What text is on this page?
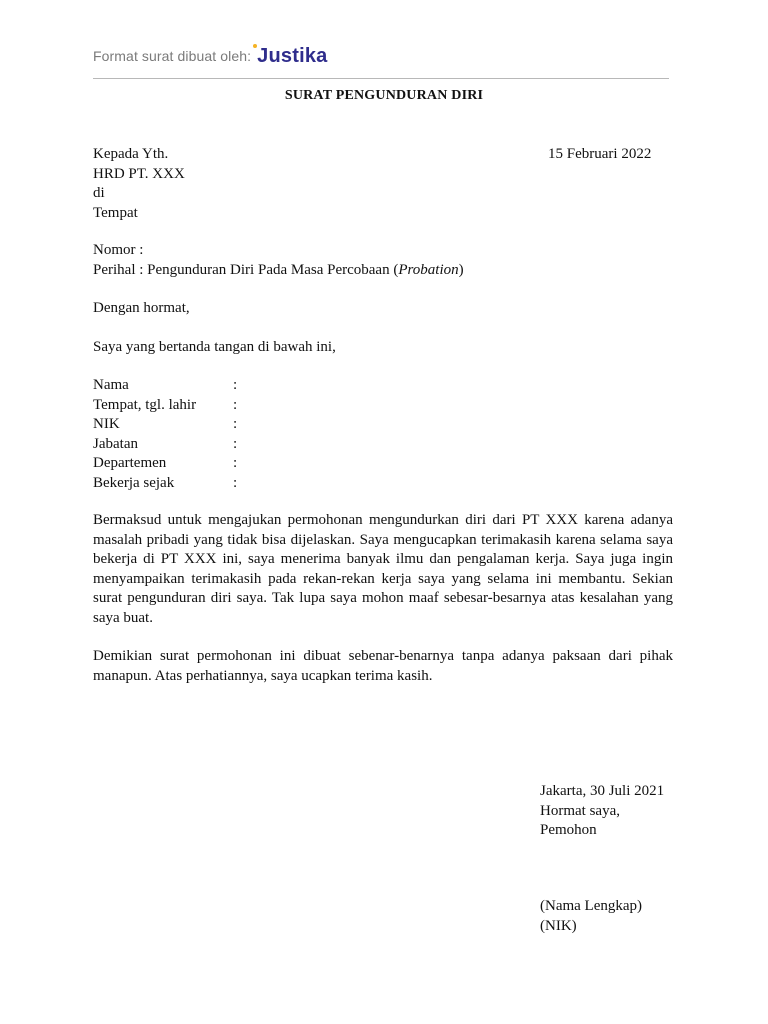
Format surat dibuat oleh: Justika
SURAT PENGUNDURAN DIRI
Kepada Yth.
HRD PT. XXX
di
Tempat
15 Februari 2022
Nomor :
Perihal : Pengunduran Diri Pada Masa Percobaan (Probation)
Dengan hormat,
Saya yang bertanda tangan di bawah ini,
Nama	:
Tempat, tgl. lahir :
NIK	:
Jabatan	:
Departemen	:
Bekerja sejak	:
Bermaksud untuk mengajukan permohonan mengundurkan diri dari PT XXX karena adanya masalah pribadi yang tidak bisa dijelaskan. Saya mengucapkan terimakasih karena selama saya bekerja di PT XXX ini, saya menerima banyak ilmu dan pengalaman kerja. Saya juga ingin menyampaikan terimakasih pada rekan-rekan kerja saya yang selama ini membantu. Sekian surat pengunduran diri saya. Tak lupa saya mohon maaf sebesar-besarnya atas kesalahan yang saya buat.
Demikian surat permohonan ini dibuat sebenar-benarnya tanpa adanya paksaan dari pihak manapun. Atas perhatiannya, saya ucapkan terima kasih.
Jakarta, 30 Juli 2021
Hormat saya,
Pemohon
(Nama Lengkap)
(NIK)
